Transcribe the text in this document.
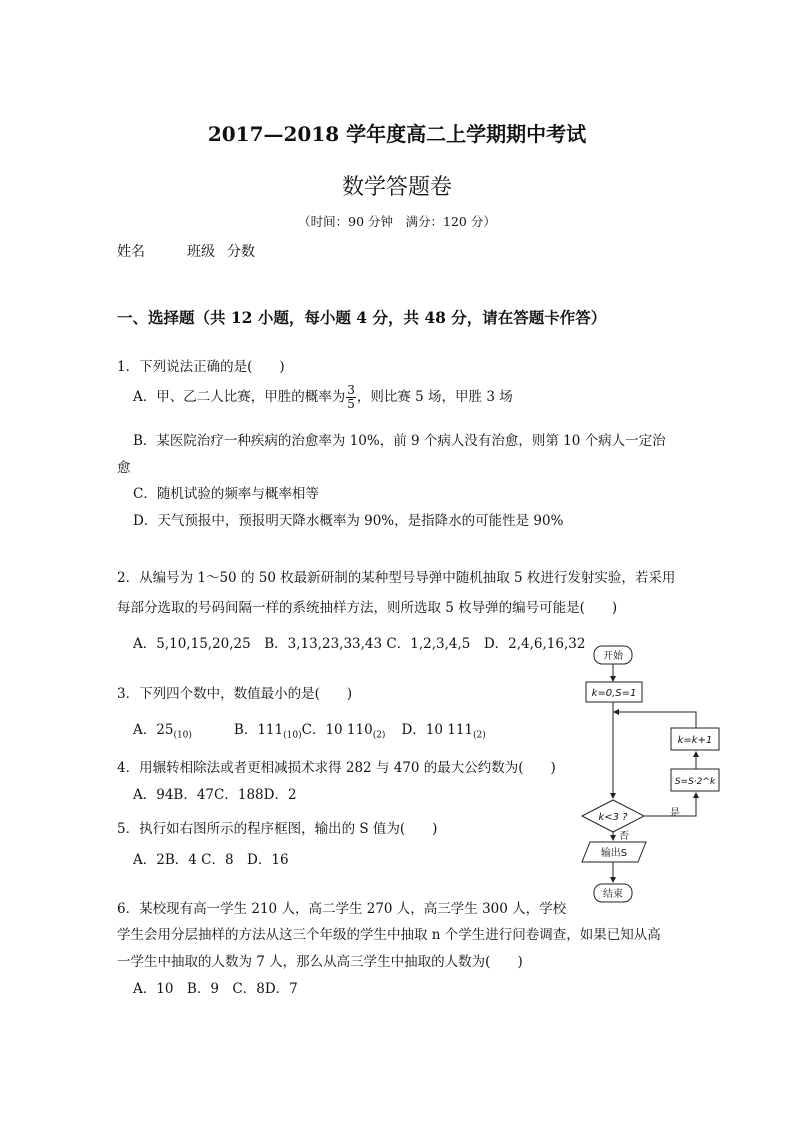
2017—2018 学年度高二上学期期中考试
数学答题卷
（时间：90 分钟　满分：120 分）
姓名	班级 分数
一、选择题（共 12 小题，每小题 4 分，共 48 分，请在答题卡作答）
1．下列说法正确的是(　　)
A．甲、乙二人比赛，甲胜的概率为 $\frac{3}{5}$ ，则比赛 5 场，甲胜 3 场
B．某医院治疗一种疾病的治愈率为 10%，前 9 个病人没有治愈，则第 10 个病人一定治
愈
C．随机试验的频率与概率相等
D．天气预报中，预报明天降水概率为 90%，是指降水的可能性是 90%
2．从编号为 1～50 的 50 枚最新研制的某种型号导弹中随机抽取 5 枚进行发射实验，若采用
每部分选取的号码间隔一样的系统抽样方法，则所选取 5 枚导弹的编号可能是(　　)
A．5,10,15,20,25　B．3,13,23,33,43 C．1,2,3,4,5　D．2,4,6,16,32
3．下列四个数中，数值最小的是(　　)
A．$25_{(10)}$	B．$111_{(10)}C$．10 $110_{(2)}$ D．10 $111_{(2)}$
4．用辗转相除法或者更相减损术求得 282 与 470 的最大公约数为(　　)
A．94B．47C．188D．2
5．执行如右图所示的程序框图，输出的 S 值为(　　)
A．2B．4 C．8　D．16
6．某校现有高一学生 210 人，高二学生 270 人，高三学生 300 人，学校
学生会用分层抽样的方法从这三个年级的学生中抽取 n 个学生进行问卷调查，如果已知从高
一学生中抽取的人数为 7 人，那么从高三学生中抽取的人数为(　　)
A．10　B．9　C．8D．7
开始
k=0,S=1
k<3 ?
S=S·2^k
k=k+1
是
否
输出S
结束
